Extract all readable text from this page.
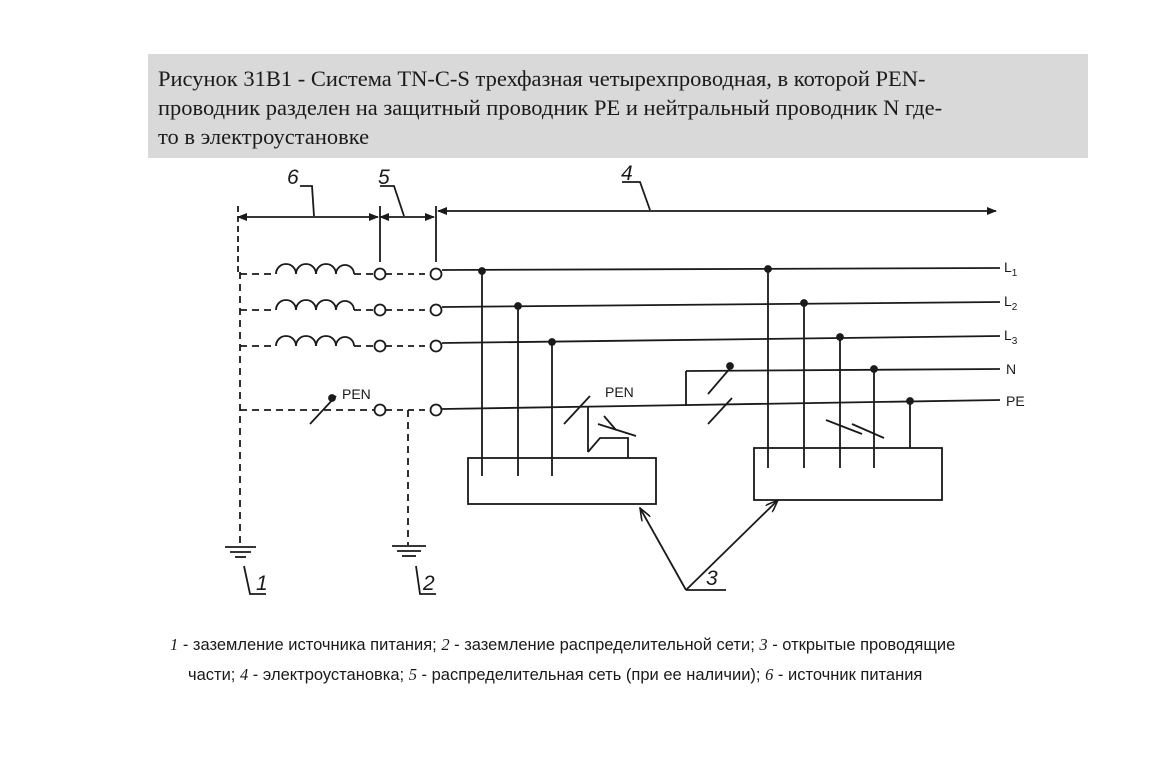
Рисунок 31B1 - Система TN-C-S трехфазная четырехпроводная, в которой PEN-
проводник разделен на защитный проводник PE и нейтральный проводник N где-
то в электроустановке
6	5	4
$L_1$
$L_2$
$L_3$
N
PE
PEN	PEN
1	2	3
1 - заземление источника питания; 2 - заземление распределительной сети; 3 - открытые проводящие
части; 4 - электроустановка; 5 - распределительная сеть (при ее наличии); 6 - источник питания
